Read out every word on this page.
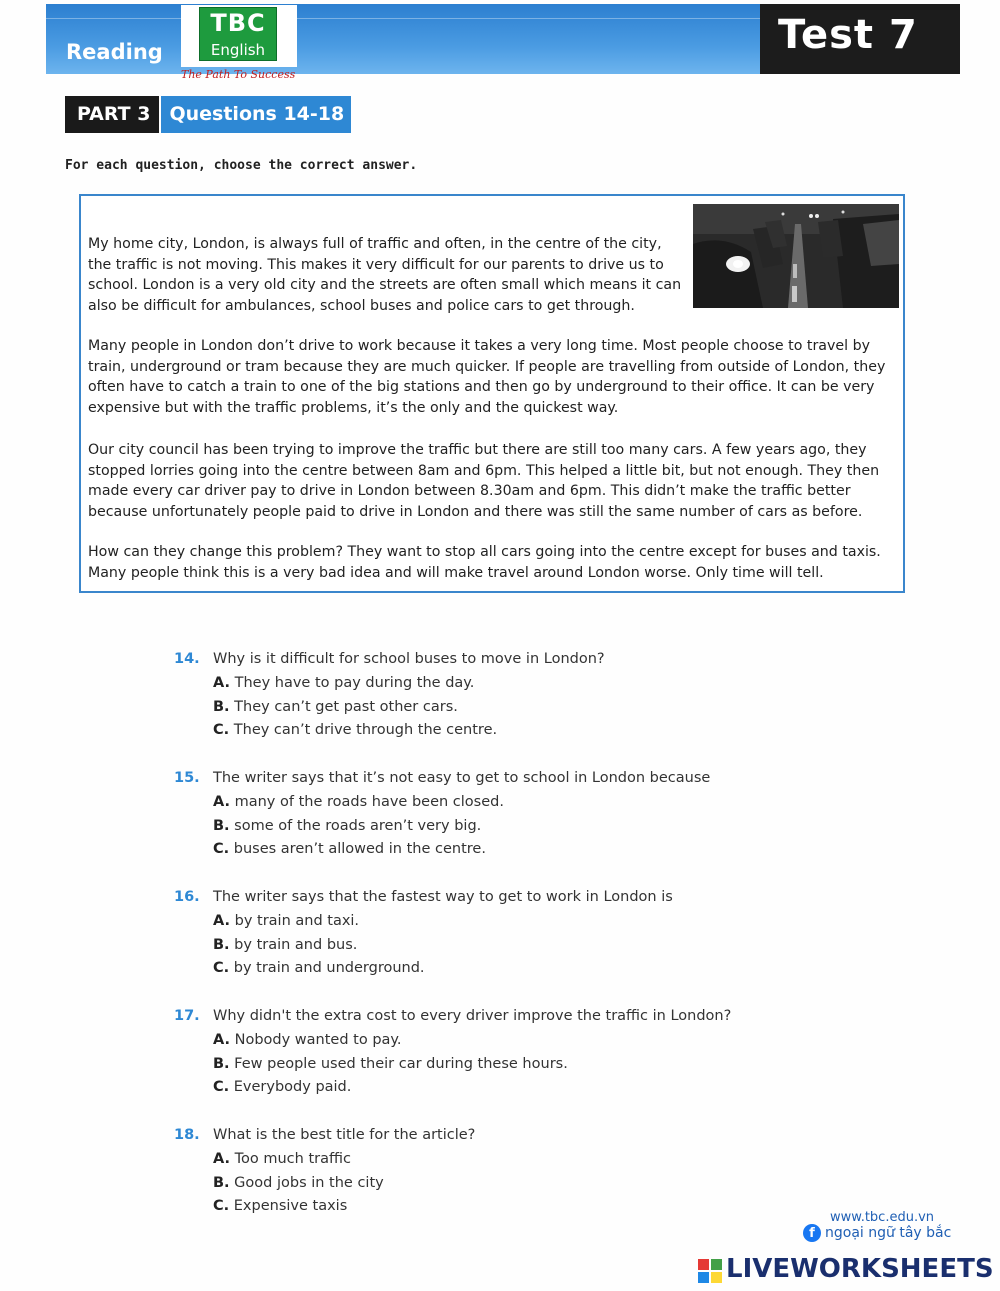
Reading
TBC
English
The Path To Success
Test 7
PART 3	Questions 14-18
For each question, choose the correct answer.

My home city, London, is always full of traffic and often, in the centre of the city, the traffic is not moving. This makes it very difficult for our parents to drive us to school. London is a very old city and the streets are often small which means it can also be difficult for ambulances, school buses and police cars to get through.

Many people in London don’t drive to work because it takes a very long time. Most people choose to travel by train, underground or tram because they are much quicker. If people are travelling from outside of London, they often have to catch a train to one of the big stations and then go by underground to their office. It can be very expensive but with the traffic problems, it’s the only and the quickest way.

Our city council has been trying to improve the traffic but there are still too many cars. A few years ago, they stopped lorries going into the centre between 8am and 6pm. This helped a little bit, but not enough. They then made every car driver pay to drive in London between 8.30am and 6pm. This didn’t make the traffic better because unfortunately people paid to drive in London and there was still the same number of cars as before.

How can they change this problem? They want to stop all cars going into the centre except for buses and taxis. Many people think this is a very bad idea and will make travel around London worse. Only time will tell.

14. Why is it difficult for school buses to move in London?
A. They have to pay during the day.
B. They can’t get past other cars.
C. They can’t drive through the centre.
15. The writer says that it’s not easy to get to school in London because
A. many of the roads have been closed.
B. some of the roads aren’t very big.
C. buses aren’t allowed in the centre.
16. The writer says that the fastest way to get to work in London is
A. by train and taxi.
B. by train and bus.
C. by train and underground.
17. Why didn't the extra cost to every driver improve the traffic in London?
A. Nobody wanted to pay.
B. Few people used their car during these hours.
C. Everybody paid.
18. What is the best title for the article?
A. Too much traffic
B. Good jobs in the city
C. Expensive taxis
www.tbc.edu.vn
f ngoại ngữ tây bắc
LIVEWORKSHEETS
